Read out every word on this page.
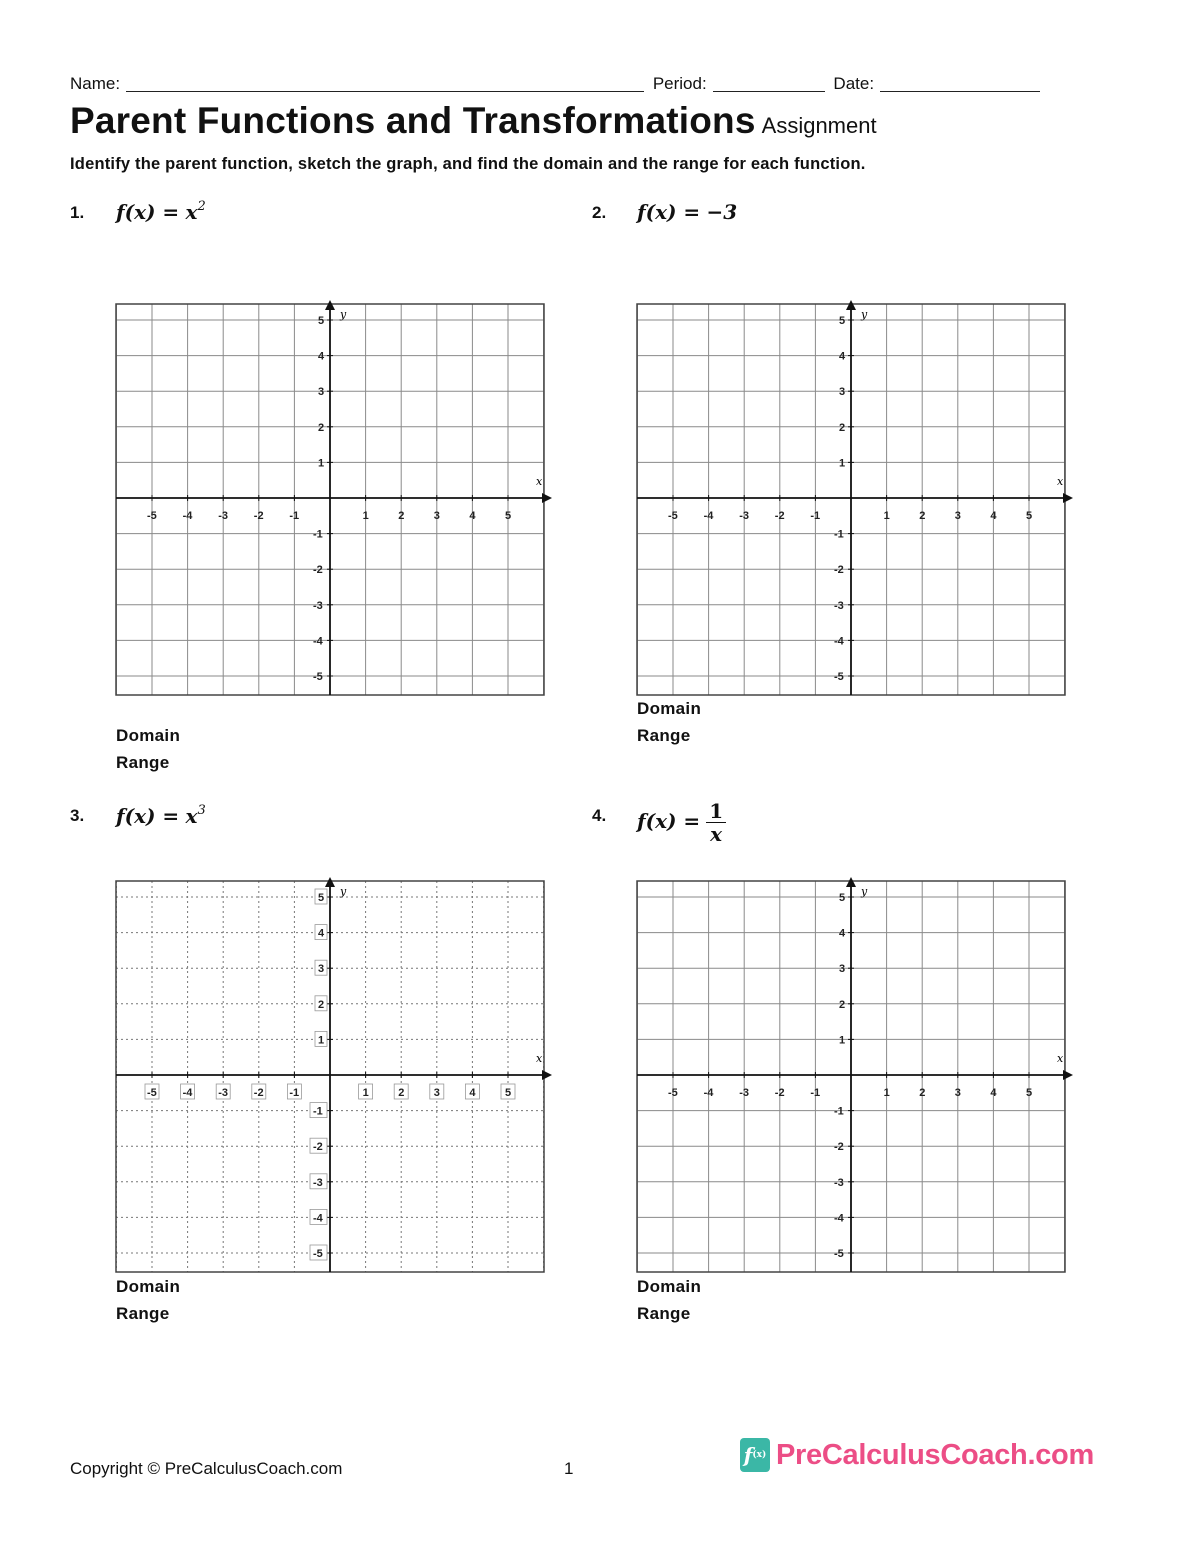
Name:	Period:	Date:
Parent Functions and Transformations Assignment
Identify the parent function, sketch the graph, and find the domain and the range for each function.
1. $f(x) = x^2$
x
y
-5 -4 -3 -2 -1	1	2	3	4	5
5
4
3
2
1
-1
-2
-3
-4
-5
Domain
Range
2. f(x) = −3
x
y
-5 -4 -3 -2 -1	1	2	3	4	5
5
4
3
2
1
-1
-2
-3
-4
-5
Domain
Range
3. $f(x) = x^3$
x
y
-5 -4 -3 -2 -1	1	2	3	4	5
5
4
3
2
1
-1
-2
-3
-4
-5
Domain
Range
4. $f(x) = \frac{1}{x}$
x
y
-5 -4 -3 -2 -1	1	2	3	4	5
5
4
3
2
1
-1
-2
-3
-4
-5
Domain
Range
Copyright © PreCalculusCoach.com	1
f (x) PreCalculusCoach.com
